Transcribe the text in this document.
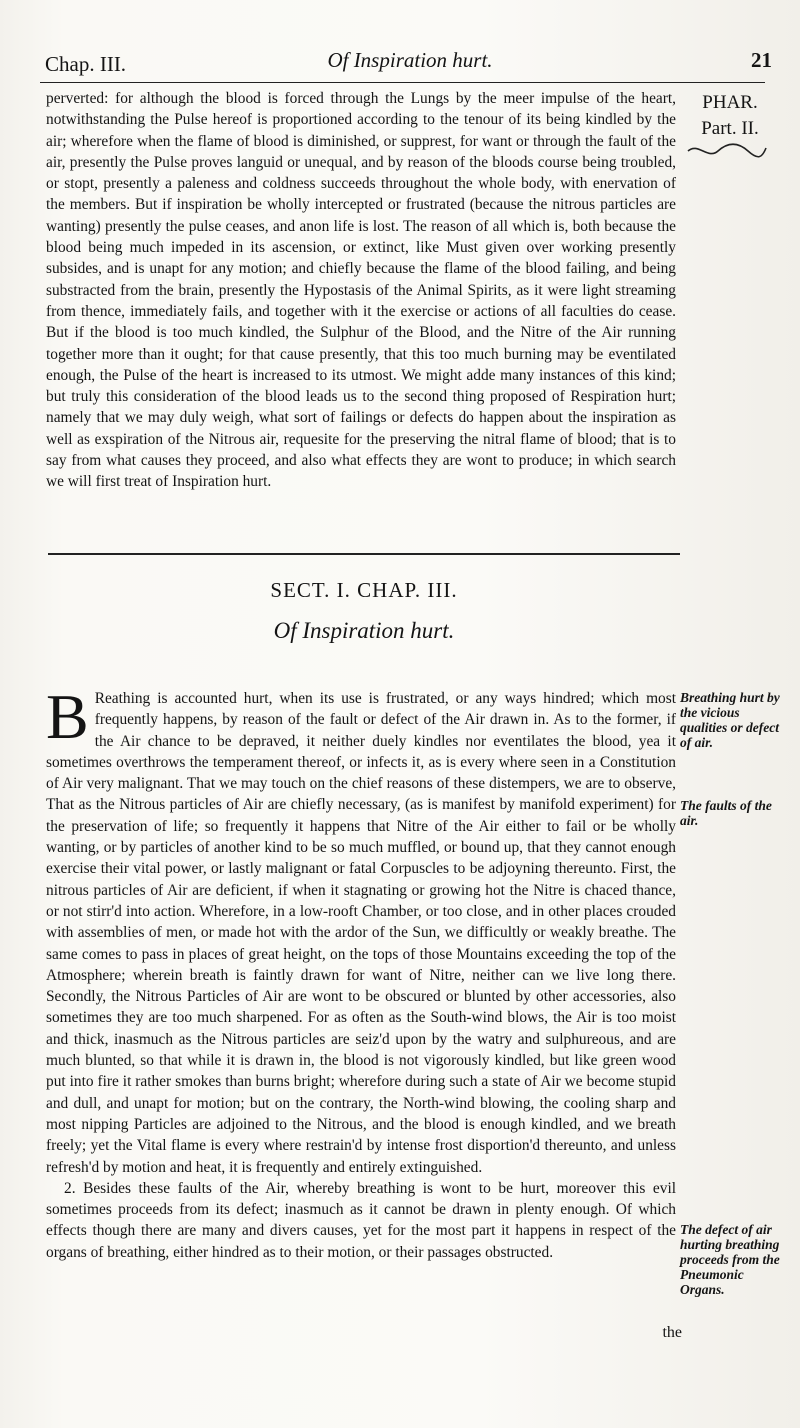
Chap. III.	Of Inspiration hurt.	21
PHAR.
Part. II.
perverted: for although the blood is forced through the Lungs by the meer impulse of the heart, notwithstanding the Pulse hereof is proportioned according to the tenour of its being kindled by the air; wherefore when the flame of blood is diminished, or supprest, for want or through the fault of the air, presently the Pulse proves languid or unequal, and by reason of the bloods course being troubled, or stopt, presently a paleness and coldness succeeds throughout the whole body, with enervation of the members. But if inspiration be wholly intercepted or frustrated (because the nitrous particles are wanting) presently the pulse ceases, and anon life is lost. The reason of all which is, both because the blood being much impeded in its ascension, or extinct, like Must given over working presently subsides, and is unapt for any motion; and chiefly because the flame of the blood failing, and being substracted from the brain, presently the Hypostasis of the Animal Spirits, as it were light streaming from thence, immediately fails, and together with it the exercise or actions of all faculties do cease. But if the blood is too much kindled, the Sulphur of the Blood, and the Nitre of the Air running together more than it ought; for that cause presently, that this too much burning may be eventilated enough, the Pulse of the heart is increased to its utmost. We might adde many instances of this kind; but truly this consideration of the blood leads us to the second thing proposed of Respiration hurt; namely that we may duly weigh, what sort of failings or defects do happen about the inspiration as well as exspiration of the Nitrous air, requesite for the preserving the nitral flame of blood; that is to say from what causes they proceed, and also what effects they are wont to produce; in which search we will first treat of Inspiration hurt.
SECT. I. CHAP. III.
Of Inspiration hurt.
B Reathing is accounted hurt, when its use is frustrated, or any ways hindred; which most frequently happens, by reason of the fault or defect of the Air drawn in. As to the former, if the Air chance to be depraved, it neither duely kindles nor eventilates the blood, yea it sometimes overthrows the temperament thereof, or infects it, as is every where seen in a Constitution of Air very malignant. That we may touch on the chief reasons of these distempers, we are to observe, That as the Nitrous particles of Air are chiefly necessary, (as is manifest by manifold experiment) for the preservation of life; so frequently it happens that Nitre of the Air either to fail or be wholly wanting, or by particles of another kind to be so much muffled, or bound up, that they cannot enough exercise their vital power, or lastly malignant or fatal Corpuscles to be adjoyning thereunto. First, the nitrous particles of Air are deficient, if when it stagnating or growing hot the Nitre is chaced thance, or not stirr'd into action. Wherefore, in a low-rooft Chamber, or too close, and in other places crouded with assemblies of men, or made hot with the ardor of the Sun, we difficultly or weakly breathe. The same comes to pass in places of great height, on the tops of those Mountains exceeding the top of the Atmosphere; wherein breath is faintly drawn for want of Nitre, neither can we live long there. Secondly, the Nitrous Particles of Air are wont to be obscured or blunted by other accessories, also sometimes they are too much sharpened. For as often as the South-wind blows, the Air is too moist and thick, inasmuch as the Nitrous particles are seiz'd upon by the watry and sulphureous, and are much blunted, so that while it is drawn in, the blood is not vigorously kindled, but like green wood put into fire it rather smokes than burns bright; wherefore during such a state of Air we become stupid and dull, and unapt for motion; but on the contrary, the North-wind blowing, the cooling sharp and most nipping Particles are adjoined to the Nitrous, and the blood is enough kindled, and we breath freely; yet the Vital flame is every where restrain'd by intense frost disportion'd thereunto, and unless refresh'd by motion and heat, it is frequently and entirely extinguished.
2. Besides these faults of the Air, whereby breathing is wont to be hurt, moreover this evil sometimes proceeds from its defect; inasmuch as it cannot be drawn in plenty enough. Of which effects though there are many and divers causes, yet for the most part it happens in respect of the organs of breathing, either hindred as to their motion, or their passages obstructed.
Breathing hurt by the vicious qualities or defect of air.
The faults of the air.
The defect of air hurting breathing proceeds from the Pneumonic Organs.
the
